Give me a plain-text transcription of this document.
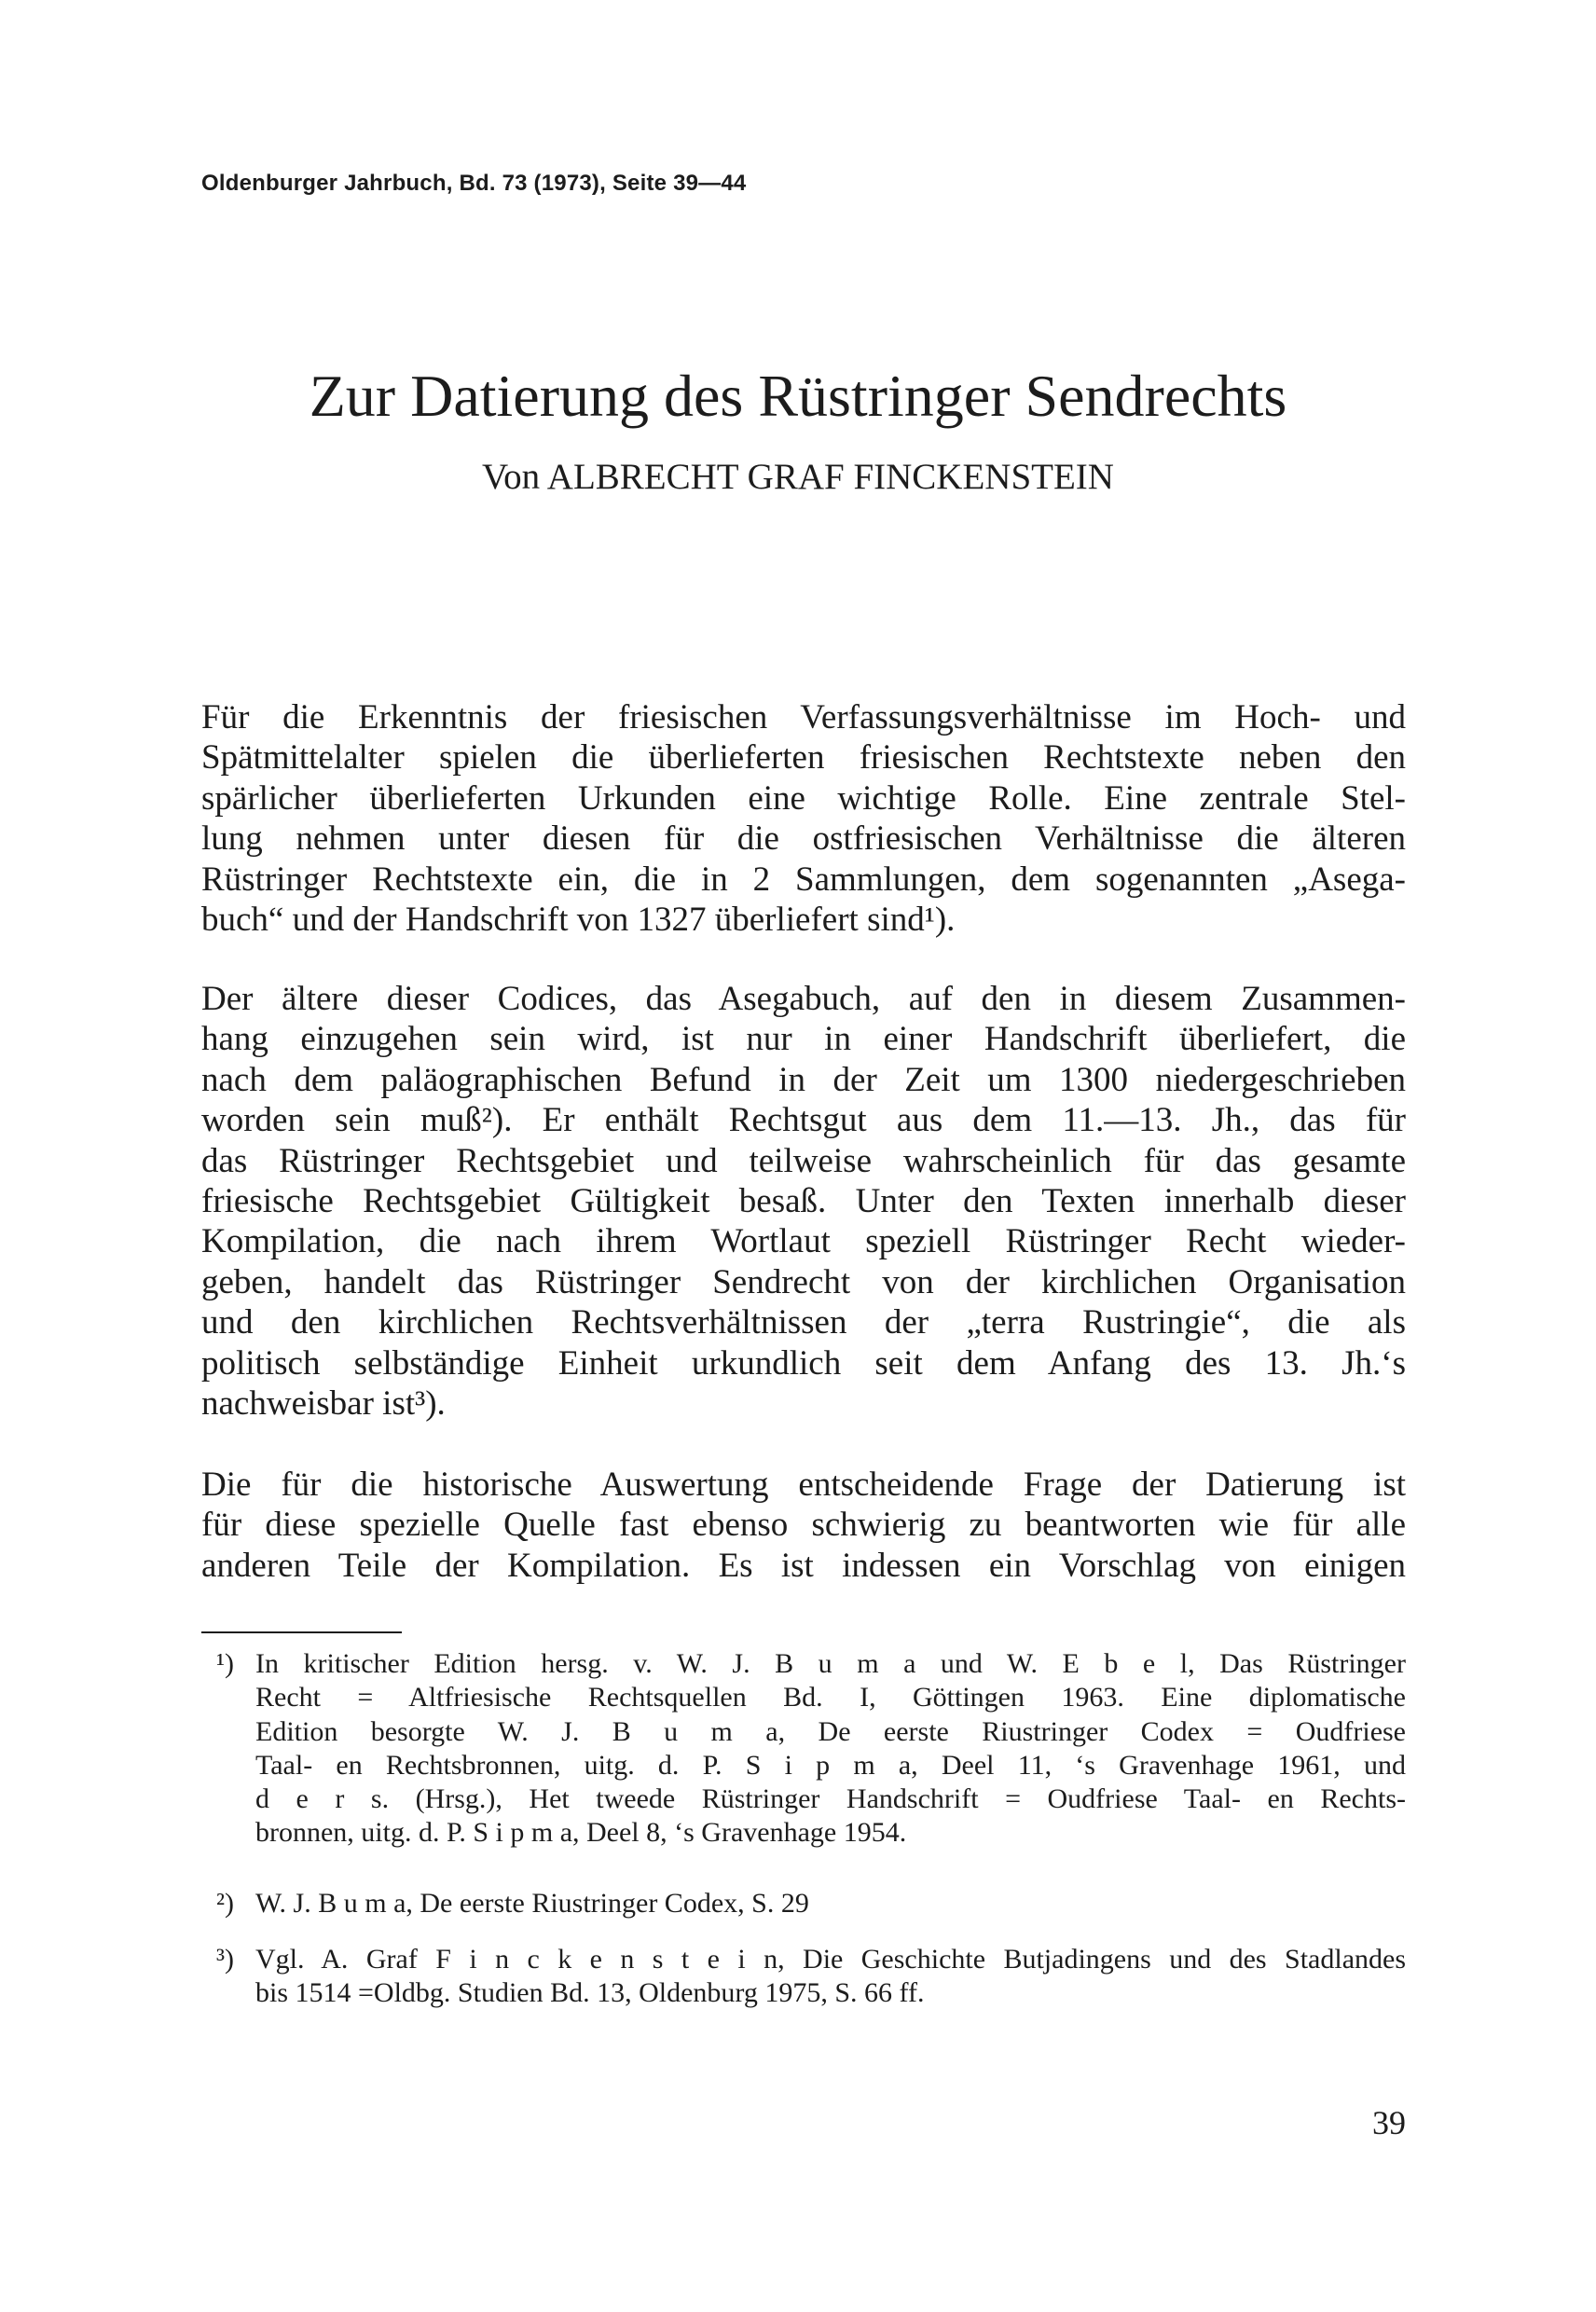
Oldenburger Jahrbuch, Bd. 73 (1973), Seite 39—44
Zur Datierung des Rüstringer Sendrechts
Von ALBRECHT GRAF FINCKENSTEIN
Für die Erkenntnis der friesischen Verfassungsverhältnisse im Hoch- und
Spätmittelalter spielen die überlieferten friesischen Rechtstexte neben den
spärlicher überlieferten Urkunden eine wichtige Rolle. Eine zentrale Stel-
lung nehmen unter diesen für die ostfriesischen Verhältnisse die älteren
Rüstringer Rechtstexte ein, die in 2 Sammlungen, dem sogenannten „Asega-
buch“ und der Handschrift von 1327 überliefert sind¹).
Der ältere dieser Codices, das Asegabuch, auf den in diesem Zusammen-
hang einzugehen sein wird, ist nur in einer Handschrift überliefert, die
nach dem paläographischen Befund in der Zeit um 1300 niedergeschrieben
worden sein muß²). Er enthält Rechtsgut aus dem 11.—13. Jh., das für
das Rüstringer Rechtsgebiet und teilweise wahrscheinlich für das gesamte
friesische Rechtsgebiet Gültigkeit besaß. Unter den Texten innerhalb dieser
Kompilation, die nach ihrem Wortlaut speziell Rüstringer Recht wieder-
geben, handelt das Rüstringer Sendrecht von der kirchlichen Organisation
und den kirchlichen Rechtsverhältnissen der „terra Rustringie“, die als
politisch selbständige Einheit urkundlich seit dem Anfang des 13. Jh.‘s
nachweisbar ist³).
Die für die historische Auswertung entscheidende Frage der Datierung ist
für diese spezielle Quelle fast ebenso schwierig zu beantworten wie für alle
anderen Teile der Kompilation. Es ist indessen ein Vorschlag von einigen
¹) In kritischer Edition hersg. v. W. J. B u m a und W. E b e l, Das Rüstringer
Recht = Altfriesische Rechtsquellen Bd. I, Göttingen 1963. Eine diplomatische
Edition besorgte W. J. B u m a, De eerste Riustringer Codex = Oudfriese
Taal- en Rechtsbronnen, uitg. d. P. S i p m a, Deel 11, ‘s Gravenhage 1961, und
d e r s. (Hrsg.), Het tweede Rüstringer Handschrift = Oudfriese Taal- en Rechts-
bronnen, uitg. d. P. S i p m a, Deel 8, ‘s Gravenhage 1954.
²) W. J. B u m a, De eerste Riustringer Codex, S. 29
³) Vgl. A. Graf F i n c k e n s t e i n, Die Geschichte Butjadingens und des Stadlandes
bis 1514 =Oldbg. Studien Bd. 13, Oldenburg 1975, S. 66 ff.
39
